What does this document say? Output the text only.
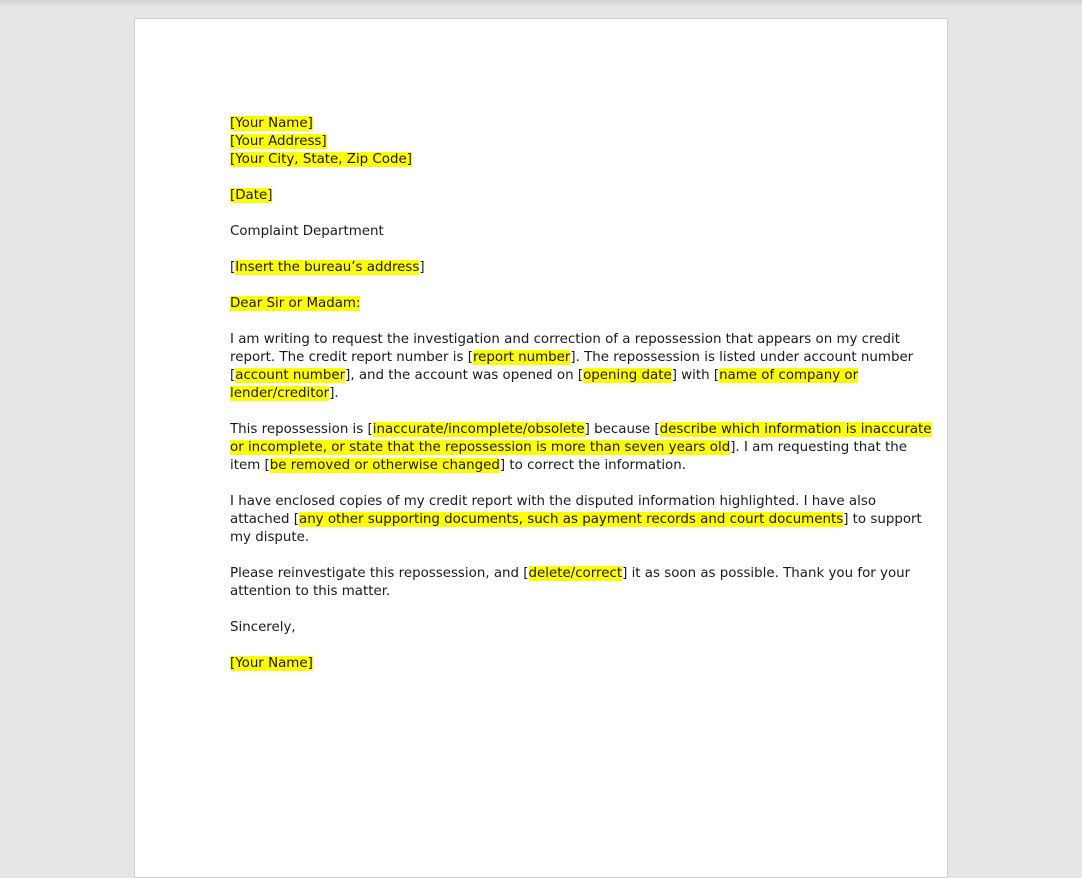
[Your Name]
[Your Address]
[Your City, State, Zip Code]
[Date]
Complaint Department
[Insert the bureau’s address]
Dear Sir or Madam:
I am writing to request the investigation and correction of a repossession that appears on my credit
report. The credit report number is [report number]. The repossession is listed under account number
[account number], and the account was opened on [opening date] with [name of company or
lender/creditor].
This repossession is [inaccurate/incomplete/obsolete] because [describe which information is inaccurate
or incomplete, or state that the repossession is more than seven years old]. I am requesting that the
item [be removed or otherwise changed] to correct the information.
I have enclosed copies of my credit report with the disputed information highlighted. I have also
attached [any other supporting documents, such as payment records and court documents] to support
my dispute.
Please reinvestigate this repossession, and [delete/correct] it as soon as possible. Thank you for your
attention to this matter.
Sincerely,
[Your Name]
